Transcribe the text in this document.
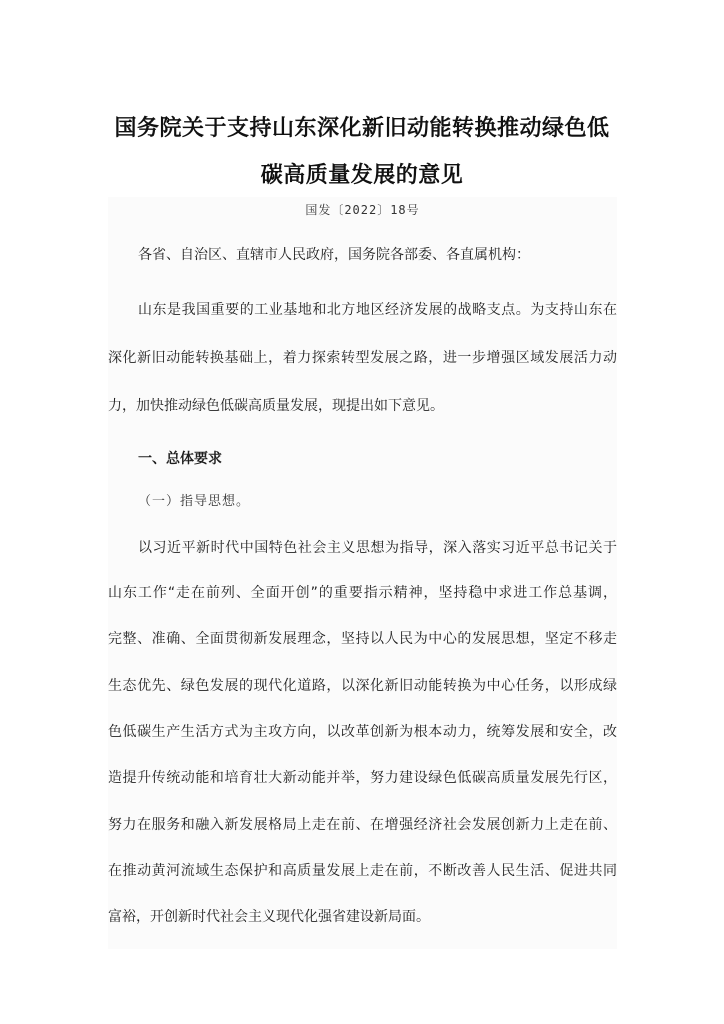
国务院关于支持山东深化新旧动能转换推动绿色低
碳高质量发展的意见
国发〔2022〕18号
各省、自治区、直辖市人民政府，国务院各部委、各直属机构：
山东是我国重要的工业基地和北方地区经济发展的战略支点。为支持山东在
深化新旧动能转换基础上，着力探索转型发展之路，进一步增强区域发展活力动
力，加快推动绿色低碳高质量发展，现提出如下意见。
一、总体要求
（一）指导思想。
以习近平新时代中国特色社会主义思想为指导，深入落实习近平总书记关于
山东工作“走在前列、全面开创”的重要指示精神，坚持稳中求进工作总基调，
完整、准确、全面贯彻新发展理念，坚持以人民为中心的发展思想，坚定不移走
生态优先、绿色发展的现代化道路，以深化新旧动能转换为中心任务，以形成绿
色低碳生产生活方式为主攻方向，以改革创新为根本动力，统筹发展和安全，改
造提升传统动能和培育壮大新动能并举，努力建设绿色低碳高质量发展先行区，
努力在服务和融入新发展格局上走在前、在增强经济社会发展创新力上走在前、
在推动黄河流域生态保护和高质量发展上走在前，不断改善人民生活、促进共同
富裕，开创新时代社会主义现代化强省建设新局面。
